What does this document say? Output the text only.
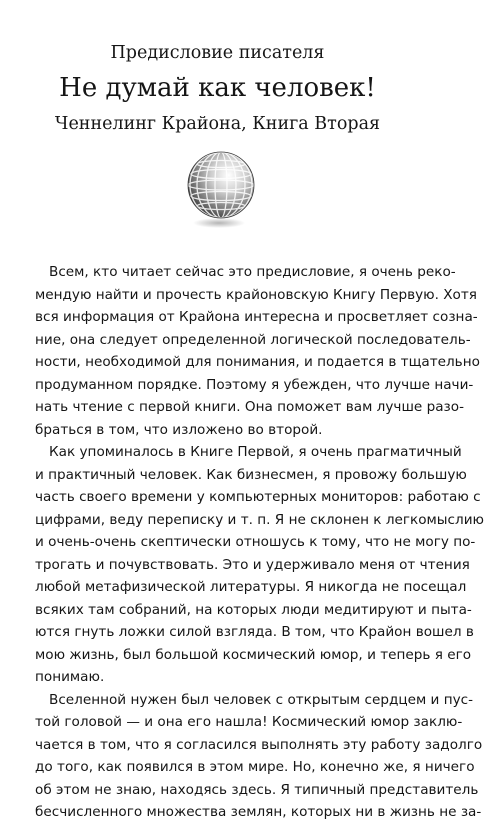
Предисловие писателя
Не думай как человек!
Ченнелинг Крайона, Книга Вторая
Всем, кто читает сейчас это предисловие, я очень реко-
мендую найти и прочесть крайоновскую Книгу Первую. Хотя
вся информация от Крайона интересна и просветляет созна-
ние, она следует определенной логической последователь-
ности, необходимой для понимания, и подается в тщательно
продуманном порядке. Поэтому я убежден, что лучше начи-
нать чтение с первой книги. Она поможет вам лучше разо-
браться в том, что изложено во второй.
Как упоминалось в Книге Первой, я очень прагматичный
и практичный человек. Как бизнесмен, я провожу большую
часть своего времени у компьютерных мониторов: работаю с
цифрами, веду переписку и т. п. Я не склонен к легкомыслию
и очень-очень скептически отношусь к тому, что не могу по-
трогать и почувствовать. Это и удерживало меня от чтения
любой метафизической литературы. Я никогда не посещал
всяких там собраний, на которых люди медитируют и пыта-
ются гнуть ложки силой взгляда. В том, что Крайон вошел в
мою жизнь, был большой космический юмор, и теперь я его
понимаю.
Вселенной нужен был человек с открытым сердцем и пус-
той головой — и она его нашла! Космический юмор заклю-
чается в том, что я согласился выполнять эту работу задолго
до того, как появился в этом мире. Но, конечно же, я ничего
об этом не знаю, находясь здесь. Я типичный представитель
бесчисленного множества землян, которых ни в жизнь не за-
